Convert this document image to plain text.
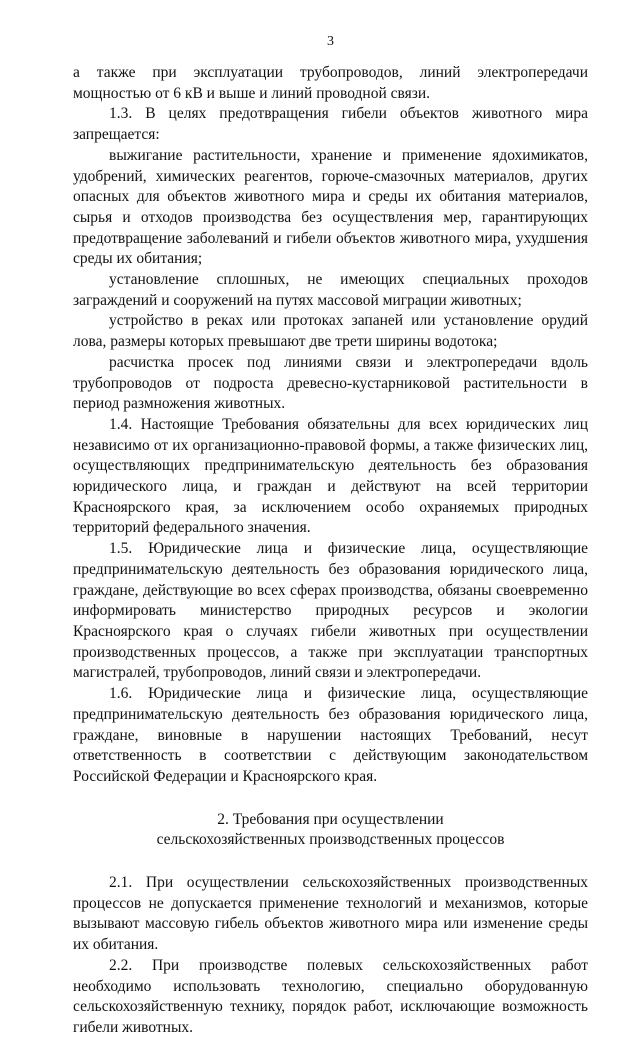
3

а также при эксплуатации трубопроводов, линий электропередачи мощностью от 6 кВ и выше и линий проводной связи.

1.3. В целях предотвращения гибели объектов животного мира запрещается:

выжигание растительности, хранение и применение ядохимикатов, удобрений, химических реагентов, горюче-смазочных материалов, других опасных для объектов животного мира и среды их обитания материалов, сырья и отходов производства без осуществления мер, гарантирующих предотвращение заболеваний и гибели объектов животного мира, ухудшения среды их обитания;

установление сплошных, не имеющих специальных проходов заграждений и сооружений на путях массовой миграции животных;

устройство в реках или протоках запаней или установление орудий лова, размеры которых превышают две трети ширины водотока;

расчистка просек под линиями связи и электропередачи вдоль трубопроводов от подроста древесно-кустарниковой растительности в период размножения животных.

1.4. Настоящие Требования обязательны для всех юридических лиц независимо от их организационно-правовой формы, а также физических лиц, осуществляющих предпринимательскую деятельность без образования юридического лица, и граждан и действуют на всей территории Красноярского края, за исключением особо охраняемых природных территорий федерального значения.

1.5. Юридические лица и физические лица, осуществляющие предпринимательскую деятельность без образования юридического лица, граждане, действующие во всех сферах производства, обязаны своевременно информировать министерство природных ресурсов и экологии Красноярского края о случаях гибели животных при осуществлении производственных процессов, а также при эксплуатации транспортных магистралей, трубопроводов, линий связи и электропередачи.

1.6. Юридические лица и физические лица, осуществляющие предпринимательскую деятельность без образования юридического лица, граждане, виновные в нарушении настоящих Требований, несут ответственность в соответствии с действующим законодательством Российской Федерации и Красноярского края.

2. Требования при осуществлении
сельскохозяйственных производственных процессов

2.1. При осуществлении сельскохозяйственных производственных процессов не допускается применение технологий и механизмов, которые вызывают массовую гибель объектов животного мира или изменение среды их обитания.

2.2. При производстве полевых сельскохозяйственных работ необходимо использовать технологию, специально оборудованную сельскохозяйственную технику, порядок работ, исключающие возможность гибели животных.
